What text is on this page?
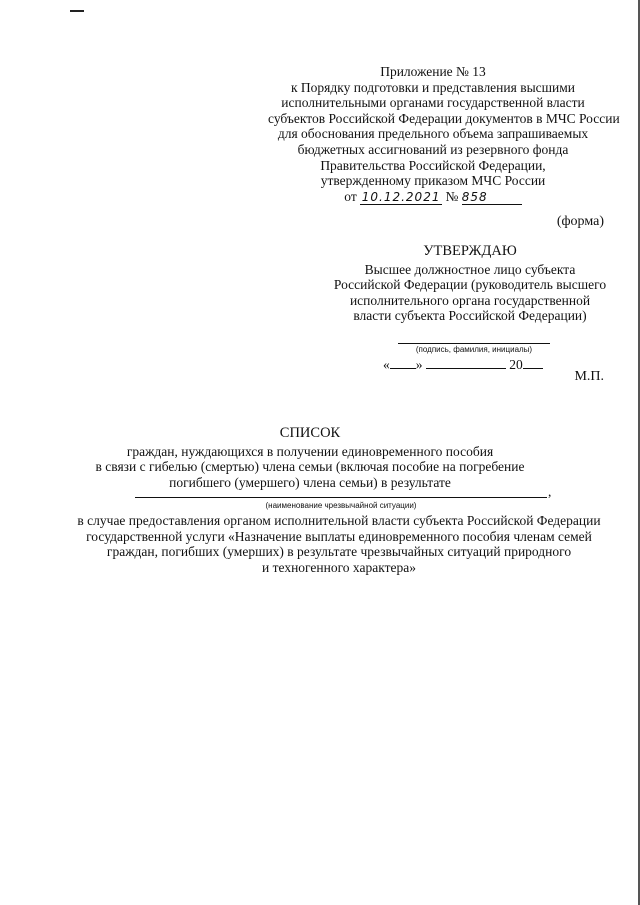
Приложение № 13
к Порядку подготовки и представления высшими
исполнительными органами государственной власти
субъектов Российской Федерации документов в МЧС России
для обоснования предельного объема запрашиваемых
бюджетных ассигнований из резервного фонда
Правительства Российской Федерации,
утвержденному приказом МЧС России
от 10.12.2021 № 858
(форма)
УТВЕРЖДАЮ
Высшее должностное лицо субъекта
Российской Федерации (руководитель высшего
исполнительного органа государственной
власти субъекта Российской Федерации)
(подпись, фамилия, инициалы)
« »	20
М.П.
СПИСОК
граждан, нуждающихся в получении единовременного пособия
в связи с гибелью (смертью) члена семьи (включая пособие на погребение
погибшего (умершего) члена семьи) в результате
,
(наименование чрезвычайной ситуации)
в случае предоставления органом исполнительной власти субъекта Российской Федерации
государственной услуги «Назначение выплаты единовременного пособия членам семей
граждан, погибших (умерших) в результате чрезвычайных ситуаций природного
и техногенного характера»
